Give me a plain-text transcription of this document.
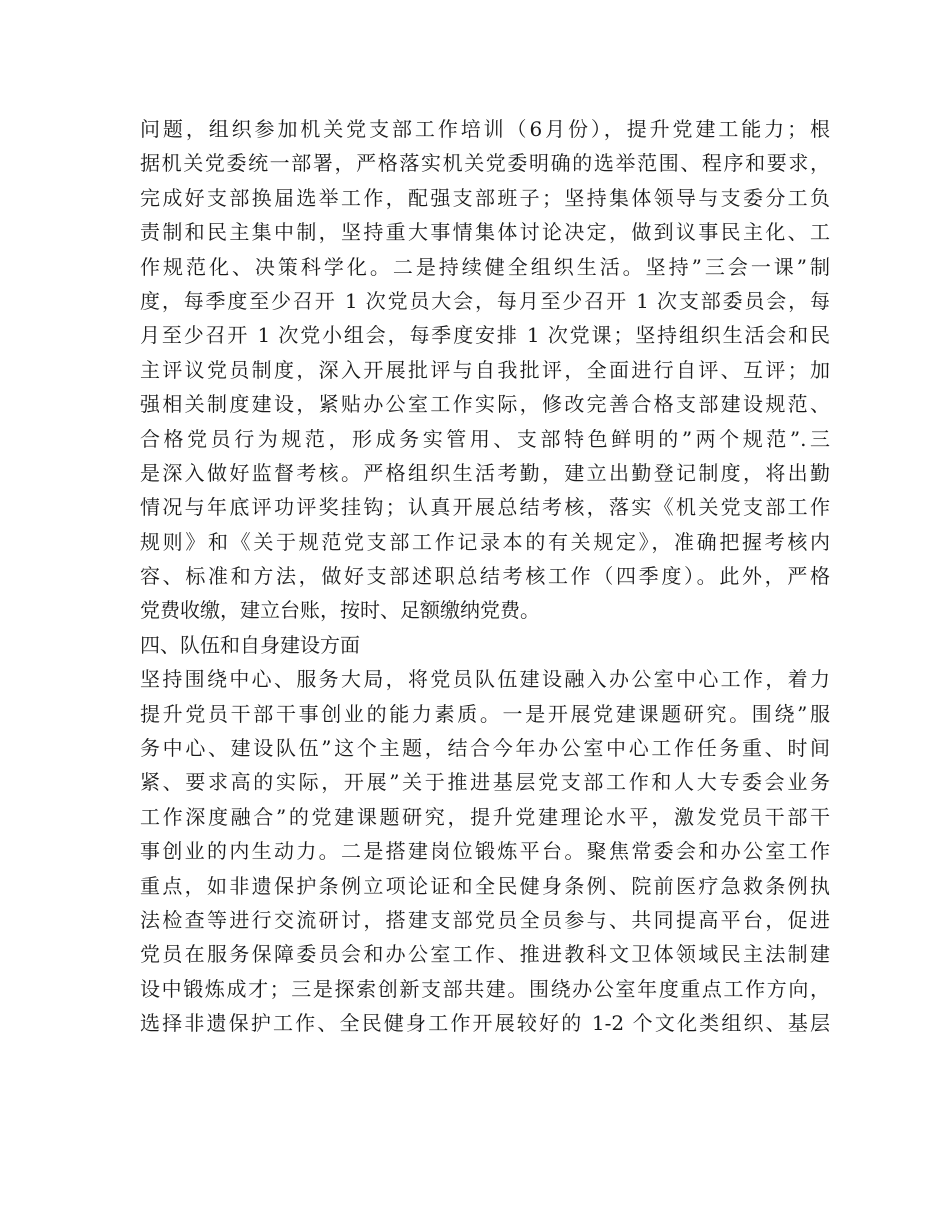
问题，组织参加机关党支部工作培训（6月份），提升党建工能力；根
据机关党委统一部署，严格落实机关党委明确的选举范围、程序和要求，
完成好支部换届选举工作，配强支部班子；坚持集体领导与支委分工负
责制和民主集中制，坚持重大事情集体讨论决定，做到议事民主化、工
作规范化、决策科学化。二是持续健全组织生活。坚持”三会一课”制
度，每季度至少召开 1 次党员大会，每月至少召开 1 次支部委员会，每
月至少召开 1 次党小组会，每季度安排 1 次党课；坚持组织生活会和民
主评议党员制度，深入开展批评与自我批评，全面进行自评、互评；加
强相关制度建设，紧贴办公室工作实际，修改完善合格支部建设规范、
合格党员行为规范，形成务实管用、支部特色鲜明的”两个规范”.三
是深入做好监督考核。严格组织生活考勤，建立出勤登记制度，将出勤
情况与年底评功评奖挂钩；认真开展总结考核，落实《机关党支部工作
规则》和《关于规范党支部工作记录本的有关规定》，准确把握考核内
容、标准和方法，做好支部述职总结考核工作（四季度）。此外，严格
党费收缴，建立台账，按时、足额缴纳党费。
四、队伍和自身建设方面
坚持围绕中心、服务大局，将党员队伍建设融入办公室中心工作，着力
提升党员干部干事创业的能力素质。一是开展党建课题研究。围绕”服
务中心、建设队伍”这个主题，结合今年办公室中心工作任务重、时间
紧、要求高的实际，开展”关于推进基层党支部工作和人大专委会业务
工作深度融合”的党建课题研究，提升党建理论水平，激发党员干部干
事创业的内生动力。二是搭建岗位锻炼平台。聚焦常委会和办公室工作
重点，如非遗保护条例立项论证和全民健身条例、院前医疗急救条例执
法检查等进行交流研讨，搭建支部党员全员参与、共同提高平台，促进
党员在服务保障委员会和办公室工作、推进教科文卫体领域民主法制建
设中锻炼成才；三是探索创新支部共建。围绕办公室年度重点工作方向，
选择非遗保护工作、全民健身工作开展较好的 1-2 个文化类组织、基层
